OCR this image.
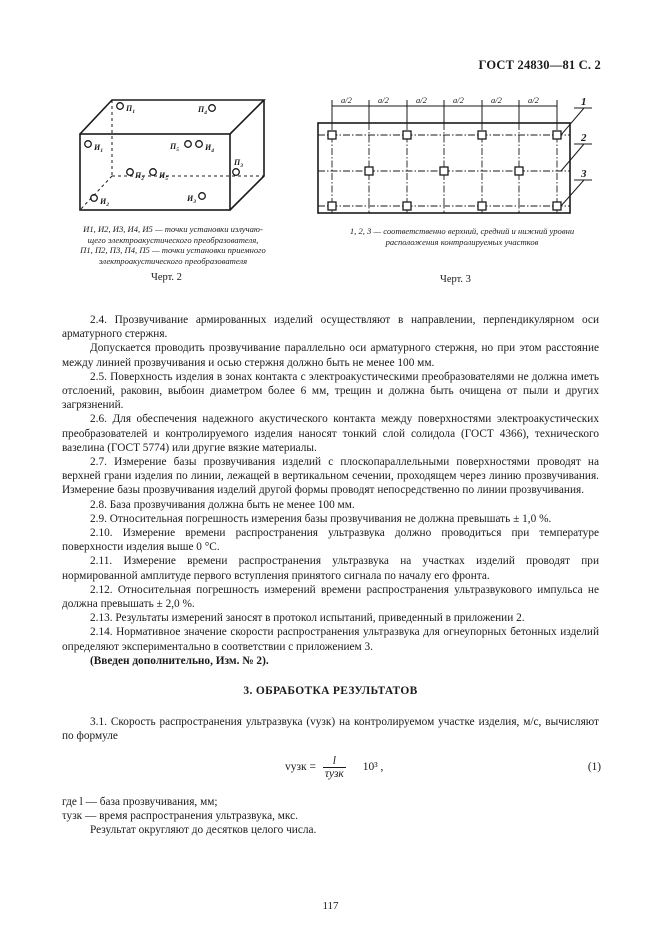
ГОСТ 24830—81 С. 2
$П_1$	$П_4$
$И_1$	$П_5$	$И_4$
$П_2$ $И_5$
$П_3$
$И_2$
$И_3$
И1, И2, И3, И4, И5 — точки установки излучаю-
щего электроакустического преобразователя,
П1, П2, П3, П4, П5 — точки установки приемного
электроакустического преобразователя
Черт. 2
a/2	a/2	a/2	a/2	a/2	a/2	1
2
3
1, 2, 3 — соответственно верхний, средний и нижний уровни
расположения контролируемых участков
Черт. 3

2.4. Прозвучивание армированных изделий осуществляют в направлении, перпендикулярном оси арматурного стержня.

Допускается проводить прозвучивание параллельно оси арматурного стержня, но при этом расстояние между линией прозвучивания и осью стержня должно быть не менее 100 мм.

2.5. Поверхность изделия в зонах контакта с электроакустическими преобразователями не должна иметь отслоений, раковин, выбоин диаметром более 6 мм, трещин и должна быть очищена от пыли и других загрязнений.

2.6. Для обеспечения надежного акустического контакта между поверхностями электроакустических преобразователей и контролируемого изделия наносят тонкий слой солидола (ГОСТ 4366), технического вазелина (ГОСТ 5774) или другие вязкие материалы.

2.7. Измерение базы прозвучивания изделий с плоскопараллельными поверхностями проводят на верхней грани изделия по линии, лежащей в вертикальном сечении, проходящем через линию прозвучивания. Измерение базы прозвучивания изделий другой формы проводят непосредственно по линии прозвучивания.

2.8. База прозвучивания должна быть не менее 100 мм.

2.9. Относительная погрешность измерения базы прозвучивания не должна превышать ± 1,0 %.

2.10. Измерение времени распространения ультразвука должно проводиться при температуре поверхности изделия выше 0 °С.

2.11. Измерение времени распространения ультразвука на участках изделий проводят при нормированной амплитуде первого вступления принятого сигнала по началу его фронта.

2.12. Относительная погрешность измерений времени распространения ультразвукового импульса не должна превышать ± 2,0 %.

2.13. Результаты измерений заносят в протокол испытаний, приведенный в приложении 2.

2.14. Нормативное значение скорости распространения ультразвука для огнеупорных бетонных изделий определяют экспериментально в соответствии с приложением 3.

(Введен дополнительно, Изм. № 2).

3. ОБРАБОТКА РЕЗУЛЬТАТОВ
3.1. Скорость распространения ультразвука (vузк) на контролируемом участке изделия, м/с, вычисляют по формуле
vузк = $\frac{l}{\text{τузк}} 10^3$ ,	(1)

где l — база прозвучивания, мм;

τузк — время распространения ультразвука, мкс.

Результат округляют до десятков целого числа.

117
